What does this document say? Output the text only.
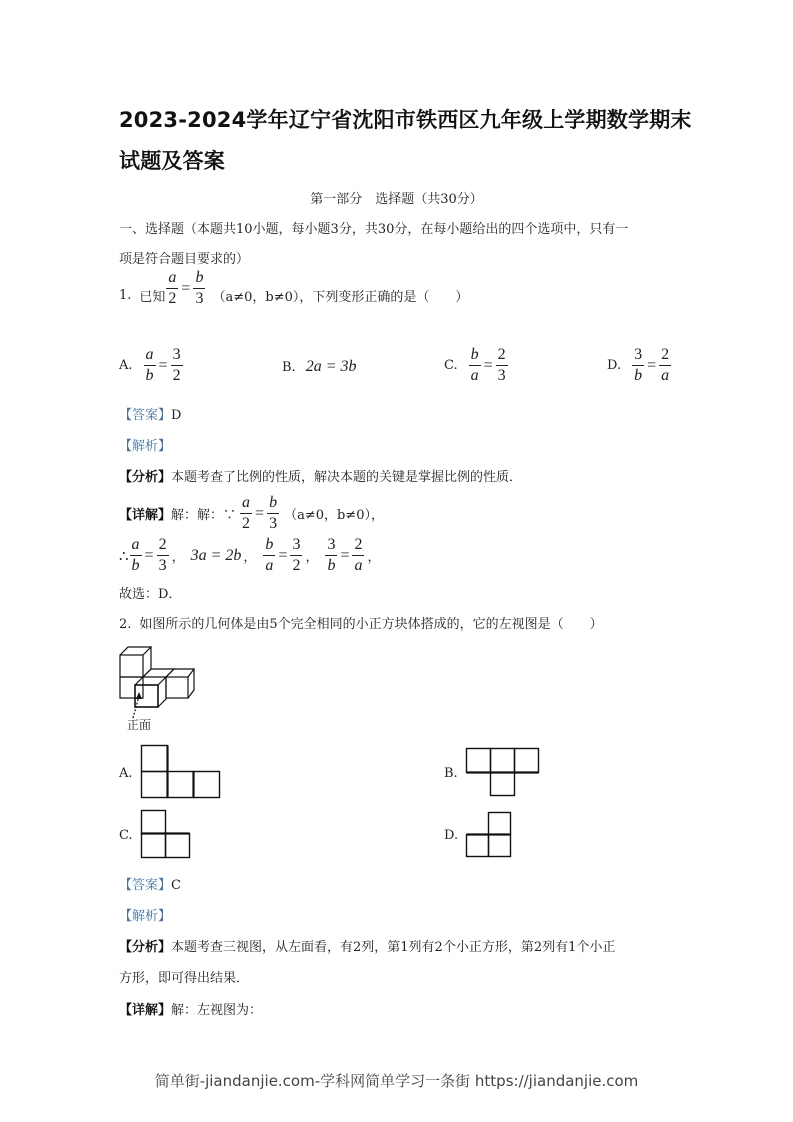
2023-2024学年辽宁省沈阳市铁西区九年级上学期数学期末
试题及答案
第一部分　选择题（共30分）
一、选择题（本题共10小题，每小题3分，共30分，在每小题给出的四个选项中，只有一
项是符合题目要求的）
1. 已知 $\frac{a}{2} = \frac{b}{3} (a\ne 0$，b≠0），下列变形正确的是（　　）
A. $\frac{a}{b} = \frac{3}{2}$	B. 2a = 3b	C. $\frac{b}{a} = \frac{2}{3}$	D. $\frac{3}{b} = \frac{2}{a}$
【答案】D
【解析】
【分析】本题考查了比例的性质，解决本题的关键是掌握比例的性质．
【详解】 解：解：∵ $\frac{a}{2} = \frac{b}{3} (a\ne 0$，b≠0），
∴ $\frac{a}{b} = \frac{2}{3}$ ， 3a = 2b ， $\frac{b}{a} = \frac{3}{2}$ ， $\frac{3}{b} = \frac{2}{a}$ ，
故选：D．
2. 如图所示的几何体是由5个完全相同的小正方块体搭成的，它的左视图是（　　）
正面
A.	B.
C.	D.
【答案】C
【解析】
【分析】本题考查三视图，从左面看，有2列，第1列有2个小正方形，第2列有1个小正
方形，即可得出结果．
【详解】解：左视图为：
简单街-jiandanjie.com-学科网简单学习一条街 https://jiandanjie.com
